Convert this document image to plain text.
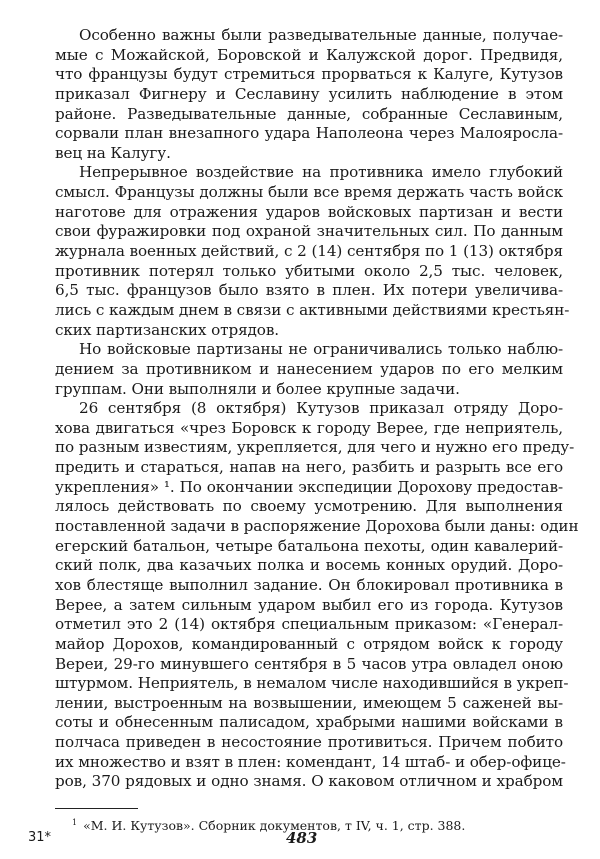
Особенно важны были разведывательные данные, получае-
мые с Можайской, Боровской и Калужской дорог. Предвидя,
что французы будут стремиться прорваться к Калуге, Кутузов
приказал Фигнеру и Сеславину усилить наблюдение в этом
районе. Разведывательные данные, собранные Сеславиным,
сорвали план внезапного удара Наполеона через Малояросла-
вец на Калугу.
Непрерывное воздействие на противника имело глубокий
смысл. Французы должны были все время держать часть войск
наготове для отражения ударов войсковых партизан и вести
свои фуражировки под охраной значительных сил. По данным
журнала военных действий, с 2 (14) сентября по 1 (13) октября
противник потерял только убитыми около 2,5 тыс. человек,
6,5 тыс. французов было взято в плен. Их потери увеличива-
лись с каждым днем в связи с активными действиями крестьян-
ских партизанских отрядов.
Но войсковые партизаны не ограничивались только наблю-
дением за противником и нанесением ударов по его мелким
группам. Они выполняли и более крупные задачи.
26 сентября (8 октября) Кутузов приказал отряду Доро-
хова двигаться «чрез Боровск к городу Верее, где неприятель,
по разным известиям, укрепляется, для чего и нужно его преду-
предить и стараться, напав на него, разбить и разрыть все его
укрепления» ¹. По окончании экспедиции Дорохову предостав-
лялось действовать по своему усмотрению. Для выполнения
поставленной задачи в распоряжение Дорохова были даны: один
егерский батальон, четыре батальона пехоты, один кавалерий-
ский полк, два казачьих полка и восемь конных орудий. Доро-
хов блестяще выполнил задание. Он блокировал противника в
Верее, а затем сильным ударом выбил его из города. Кутузов
отметил это 2 (14) октября специальным приказом: «Генерал-
майор Дорохов, командированный с отрядом войск к городу
Вереи, 29-го минувшего сентября в 5 часов утра овладел оною
штурмом. Неприятель, в немалом числе находившийся в укреп-
лении, выстроенным на возвышении, имеющем 5 саженей вы-
соты и обнесенным палисадом, храбрыми нашими войсками в
полчаса приведен в несостояние противиться. Причем побито
их множество и взят в плен: комендант, 14 штаб- и обер-офице-
ров, 370 рядовых и одно знамя. О каковом отличном и храбром
$^1$ «М. И. Кутузов». Сборник документов, т IV, ч. 1, стр. 388.
31*	483
